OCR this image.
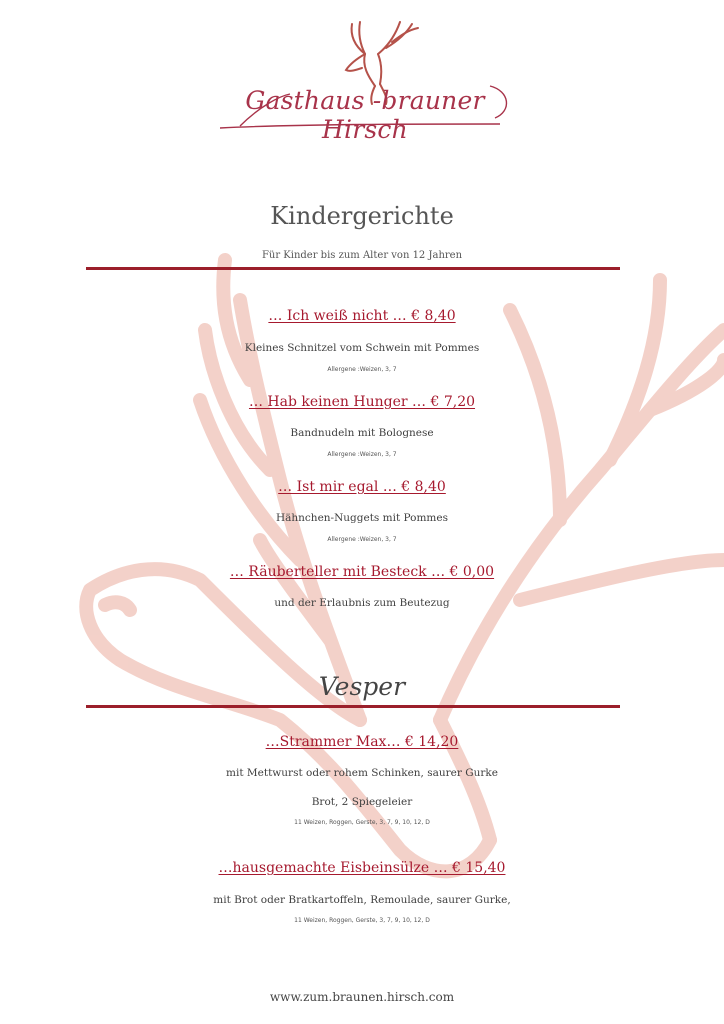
Gasthaus -brauner Hirsch
Kindergerichte
Für Kinder bis zum Alter von 12 Jahren
… Ich weiß nicht … € 8,40
Kleines Schnitzel vom Schwein mit Pommes
Allergene :Weizen, 3, 7
… Hab keinen Hunger … € 7,20
Bandnudeln mit Bolognese
Allergene :Weizen, 3, 7
… Ist mir egal … € 8,40
Hähnchen-Nuggets mit Pommes
Allergene :Weizen, 3, 7
… Räuberteller mit Besteck … € 0,00
und der Erlaubnis zum Beutezug
Vesper
…Strammer Max… € 14,20
mit Mettwurst oder rohem Schinken, saurer Gurke
Brot, 2 Spiegeleier
11 Weizen, Roggen, Gerste, 3, 7, 9, 10, 12, D
…hausgemachte Eisbeinsülze … € 15,40
mit Brot oder Bratkartoffeln, Remoulade, saurer Gurke,
11 Weizen, Roggen, Gerste, 3, 7, 9, 10, 12, D
www.zum.braunen.hirsch.com
